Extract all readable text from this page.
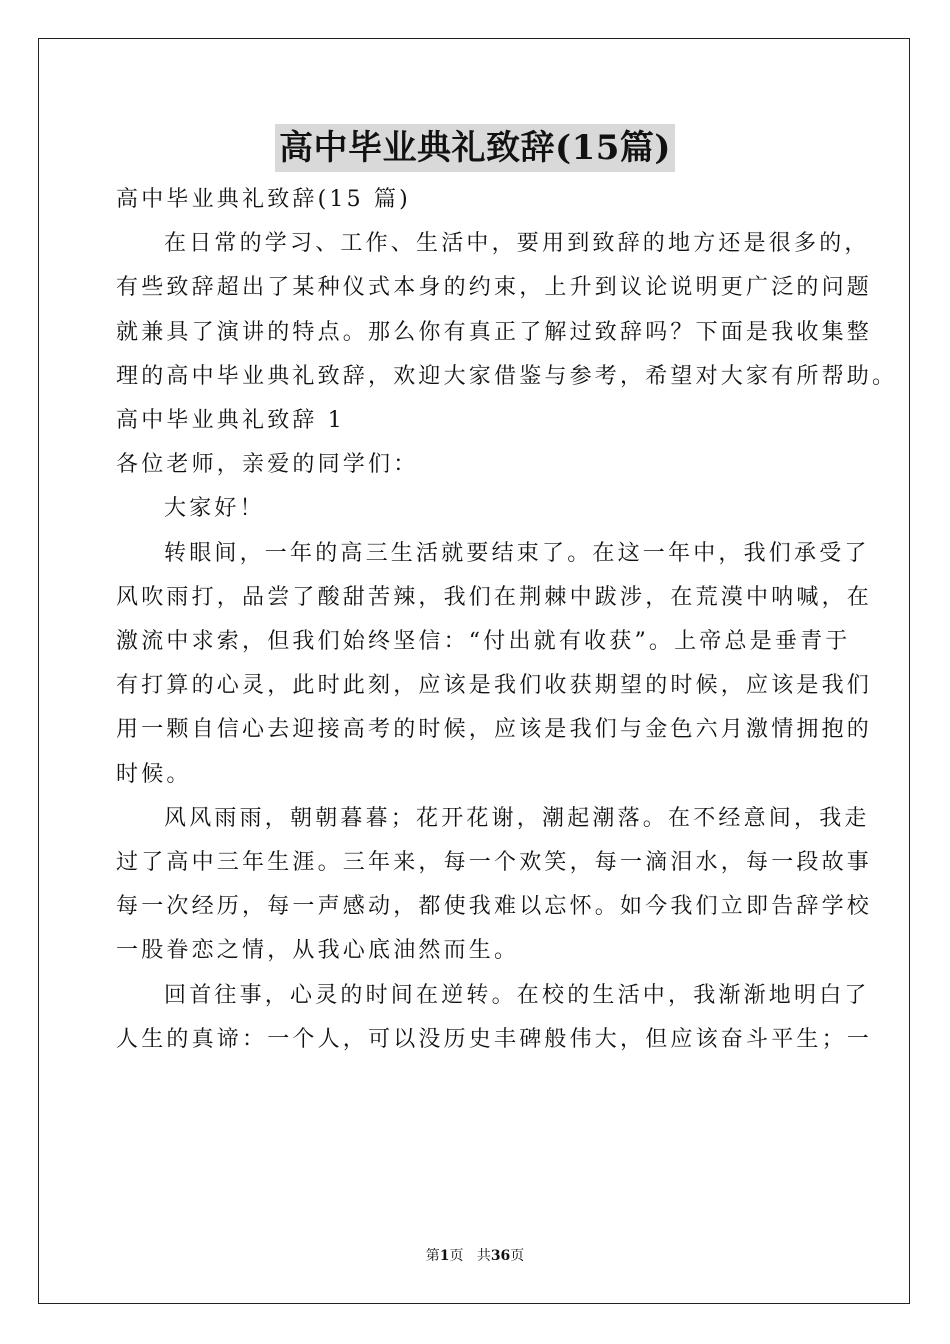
高中毕业典礼致辞(15篇)
高中毕业典礼致辞(15 篇)
在日常的学习、工作、生活中，要用到致辞的地方还是很多的，
有些致辞超出了某种仪式本身的约束，上升到议论说明更广泛的问题
就兼具了演讲的特点。那么你有真正了解过致辞吗？下面是我收集整
理的高中毕业典礼致辞，欢迎大家借鉴与参考，希望对大家有所帮助。
高中毕业典礼致辞 1
各位老师，亲爱的同学们：
大家好！
转眼间，一年的高三生活就要结束了。在这一年中，我们承受了
风吹雨打，品尝了酸甜苦辣，我们在荆棘中跋涉，在荒漠中呐喊，在
激流中求索，但我们始终坚信：“付出就有收获”。上帝总是垂青于
有打算的心灵，此时此刻，应该是我们收获期望的时候，应该是我们
用一颗自信心去迎接高考的时候，应该是我们与金色六月激情拥抱的
时候。
风风雨雨，朝朝暮暮；花开花谢，潮起潮落。在不经意间，我走
过了高中三年生涯。三年来，每一个欢笑，每一滴泪水，每一段故事
每一次经历，每一声感动，都使我难以忘怀。如今我们立即告辞学校
一股眷恋之情，从我心底油然而生。
回首往事，心灵的时间在逆转。在校的生活中，我渐渐地明白了
人生的真谛：一个人，可以没历史丰碑般伟大，但应该奋斗平生；一
第1页 共36页
